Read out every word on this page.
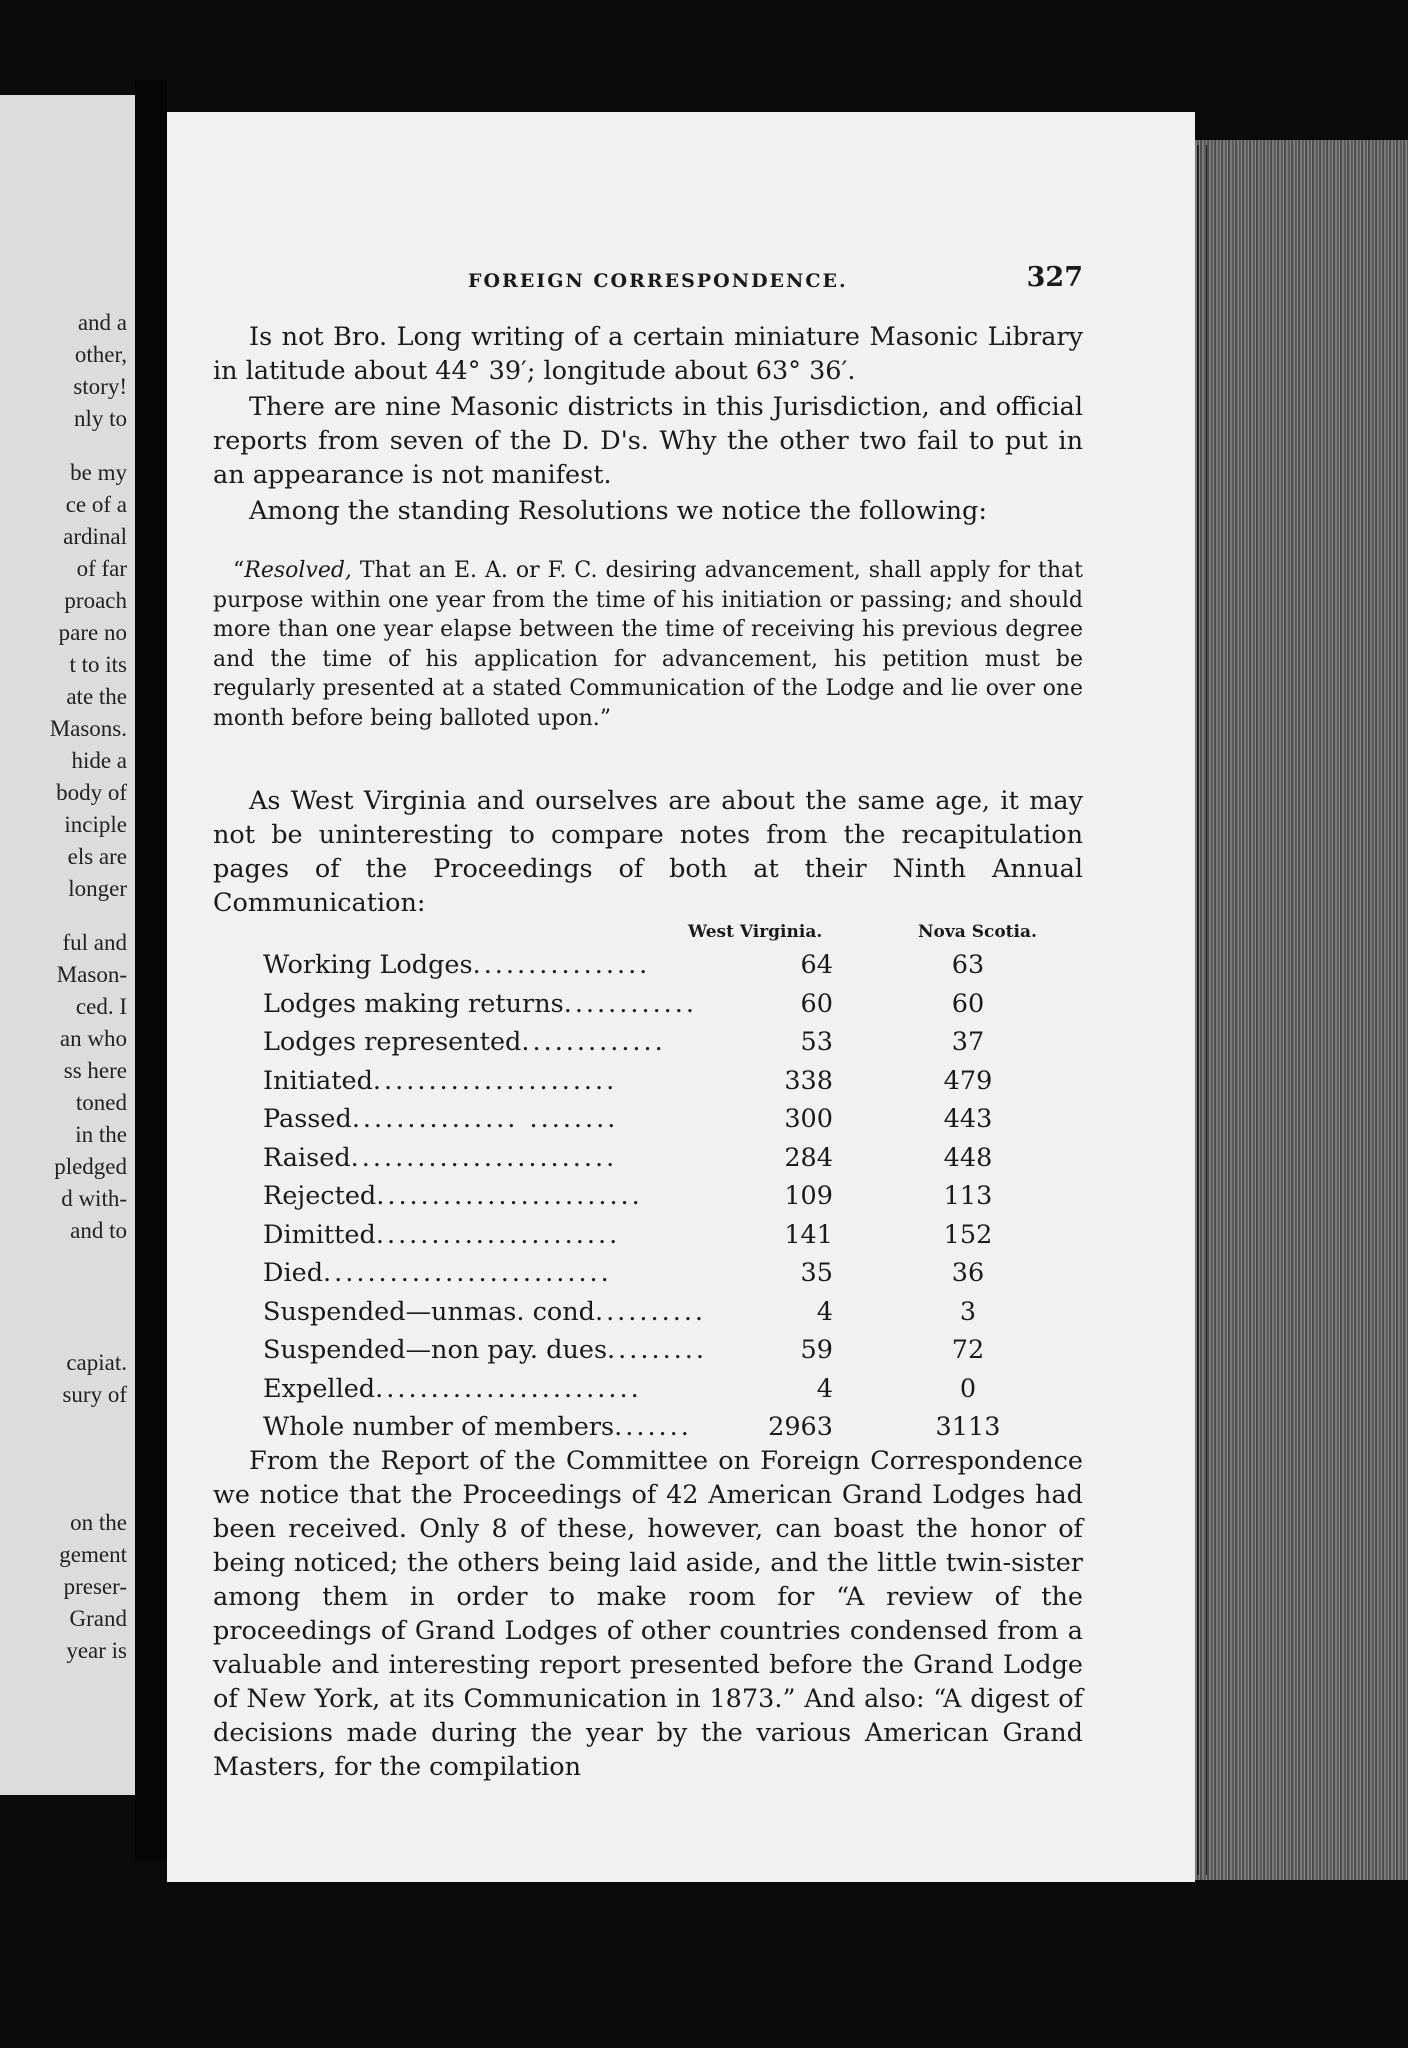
and a
other,
story!
nly to
be my
ce of a
ardinal
of far
proach
pare no
t to its
ate the
Masons.
hide a
body of
inciple
els are
longer
ful and
Mason-
ced. I
an who
ss here
toned
in the
pledged
d with-
and to
capiat.
sury of
on the
gement
preser-
Grand
year is
FOREIGN CORRESPONDENCE.	327
Is not Bro. Long writing of a certain miniature Masonic Library in latitude about 44° 39′; longitude about 63° 36′.
There are nine Masonic districts in this Jurisdiction, and official reports from seven of the D. D's. Why the other two fail to put in an appearance is not manifest.
Among the standing Resolutions we notice the following:
“Resolved, That an E. A. or F. C. desiring advancement, shall apply for that purpose within one year from the time of his initiation or passing; and should more than one year elapse between the time of receiving his previous degree and the time of his application for advancement, his petition must be regularly presented at a stated Communication of the Lodge and lie over one month before being balloted upon.”
As West Virginia and ourselves are about the same age, it may not be uninteresting to compare notes from the recapitulation pages of the Proceedings of both at their Ninth Annual Communication:
West Virginia.	Nova Scotia.
Working Lodges................	64	63
Lodges making returns............	60	60
Lodges represented.............	53	37
Initiated......................	338	479
Passed............... ........	300	443
Raised........................	284	448
Rejected........................	109	113
Dimitted......................	141	152
Died..........................	35	36
Suspended—unmas. cond..........	4	3
Suspended—non pay. dues.........	59	72
Expelled........................	4	0
Whole number of members.......	2963	3113
From the Report of the Committee on Foreign Correspondence we notice that the Proceedings of 42 American Grand Lodges had been received. Only 8 of these, however, can boast the honor of being noticed; the others being laid aside, and the little twin-sister among them in order to make room for “A review of the proceedings of Grand Lodges of other countries condensed from a valuable and interesting report presented before the Grand Lodge of New York, at its Communication in 1873.” And also: “A digest of decisions made during the year by the various American Grand Masters, for the compilation
